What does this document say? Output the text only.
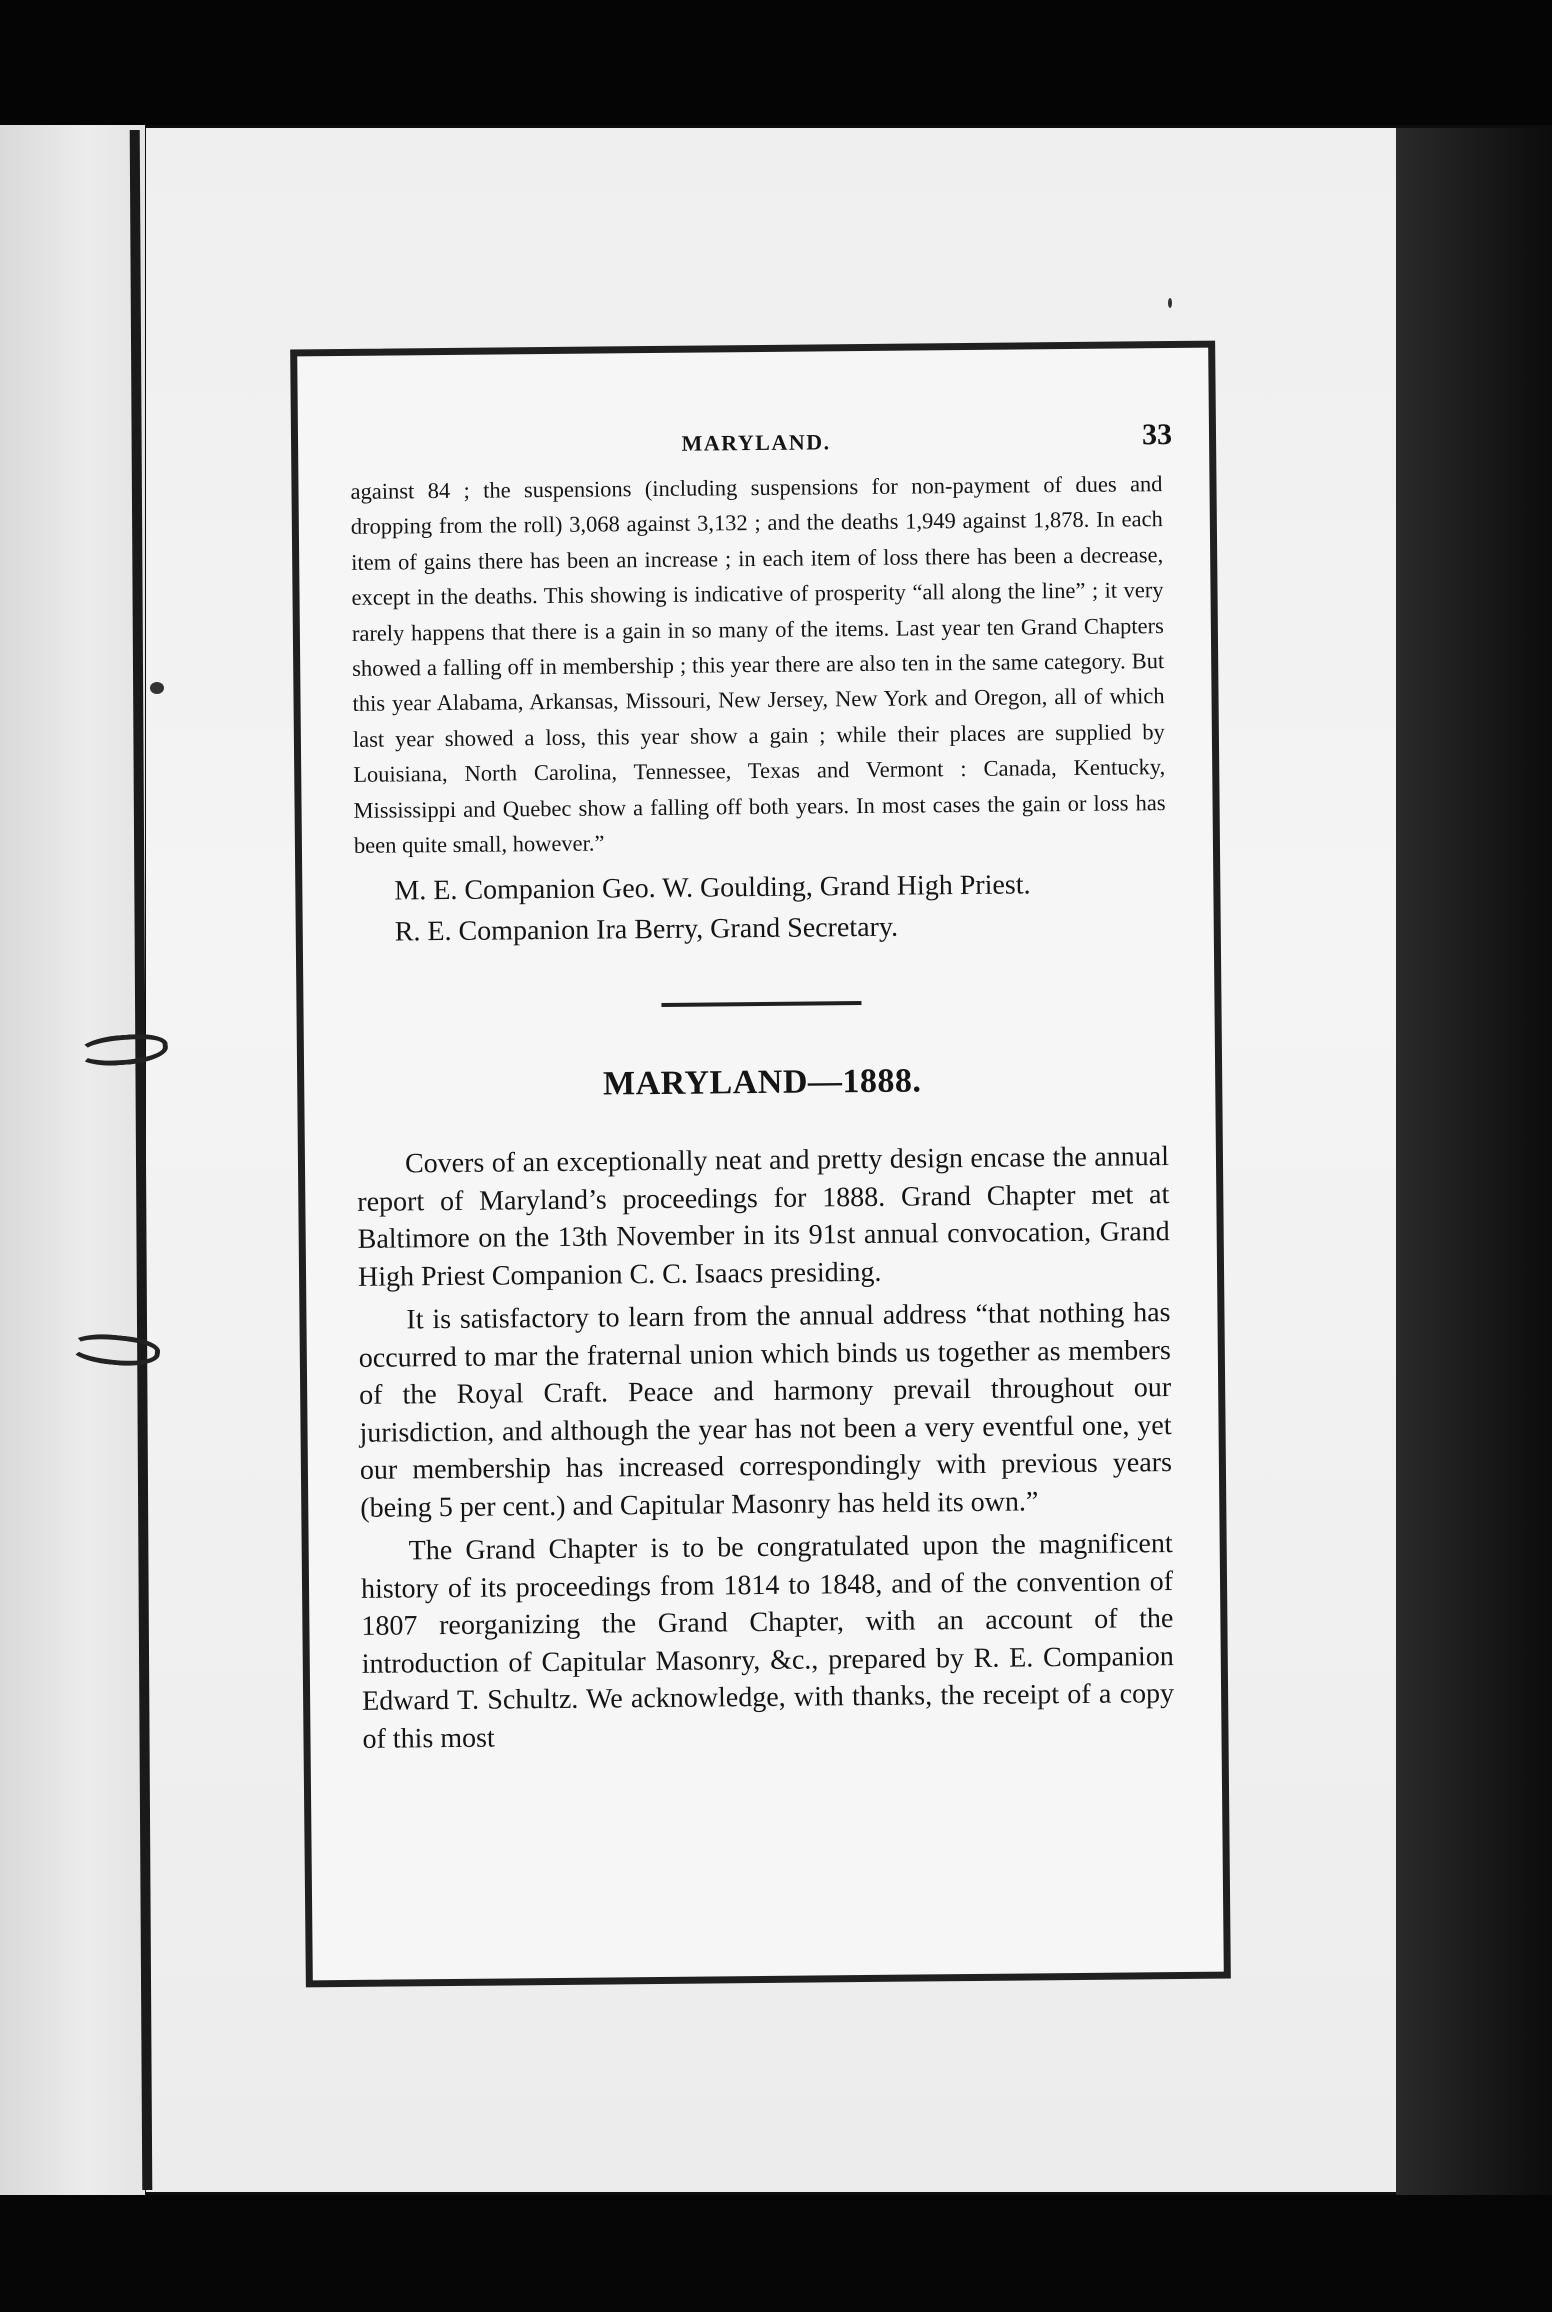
MARYLAND.	33
against 84 ; the suspensions (including suspensions for non-payment of dues and dropping from the roll) 3,068 against 3,132 ; and the deaths 1,949 against 1,878. In each item of gains there has been an increase ; in each item of loss there has been a decrease, except in the deaths. This showing is indicative of prosperity “all along the line” ; it very rarely happens that there is a gain in so many of the items. Last year ten Grand Chapters showed a falling off in membership ; this year there are also ten in the same category. But this year Alabama, Arkansas, Missouri, New Jersey, New York and Oregon, all of which last year showed a loss, this year show a gain ; while their places are supplied by Louisiana, North Carolina, Tennessee, Texas and Vermont : Canada, Kentucky, Mississippi and Quebec show a falling off both years. In most cases the gain or loss has been quite small, however.”
M. E. Companion Geo. W. Goulding, Grand High Priest.
R. E. Companion Ira Berry, Grand Secretary.
MARYLAND—1888.

Covers of an exceptionally neat and pretty design encase the annual report of Maryland’s proceedings for 1888. Grand Chapter met at Baltimore on the 13th November in its 91st annual convocation, Grand High Priest Companion C. C. Isaacs presiding.

It is satisfactory to learn from the annual address “that nothing has occurred to mar the fraternal union which binds us together as members of the Royal Craft. Peace and harmony prevail throughout our jurisdiction, and although the year has not been a very eventful one, yet our membership has increased correspondingly with previous years (being 5 per cent.) and Capitular Masonry has held its own.”

The Grand Chapter is to be congratulated upon the magnificent history of its proceedings from 1814 to 1848, and of the convention of 1807 reorganizing the Grand Chapter, with an account of the introduction of Capitular Masonry, &c., prepared by R. E. Companion Edward T. Schultz. We acknowledge, with thanks, the receipt of a copy of this most
